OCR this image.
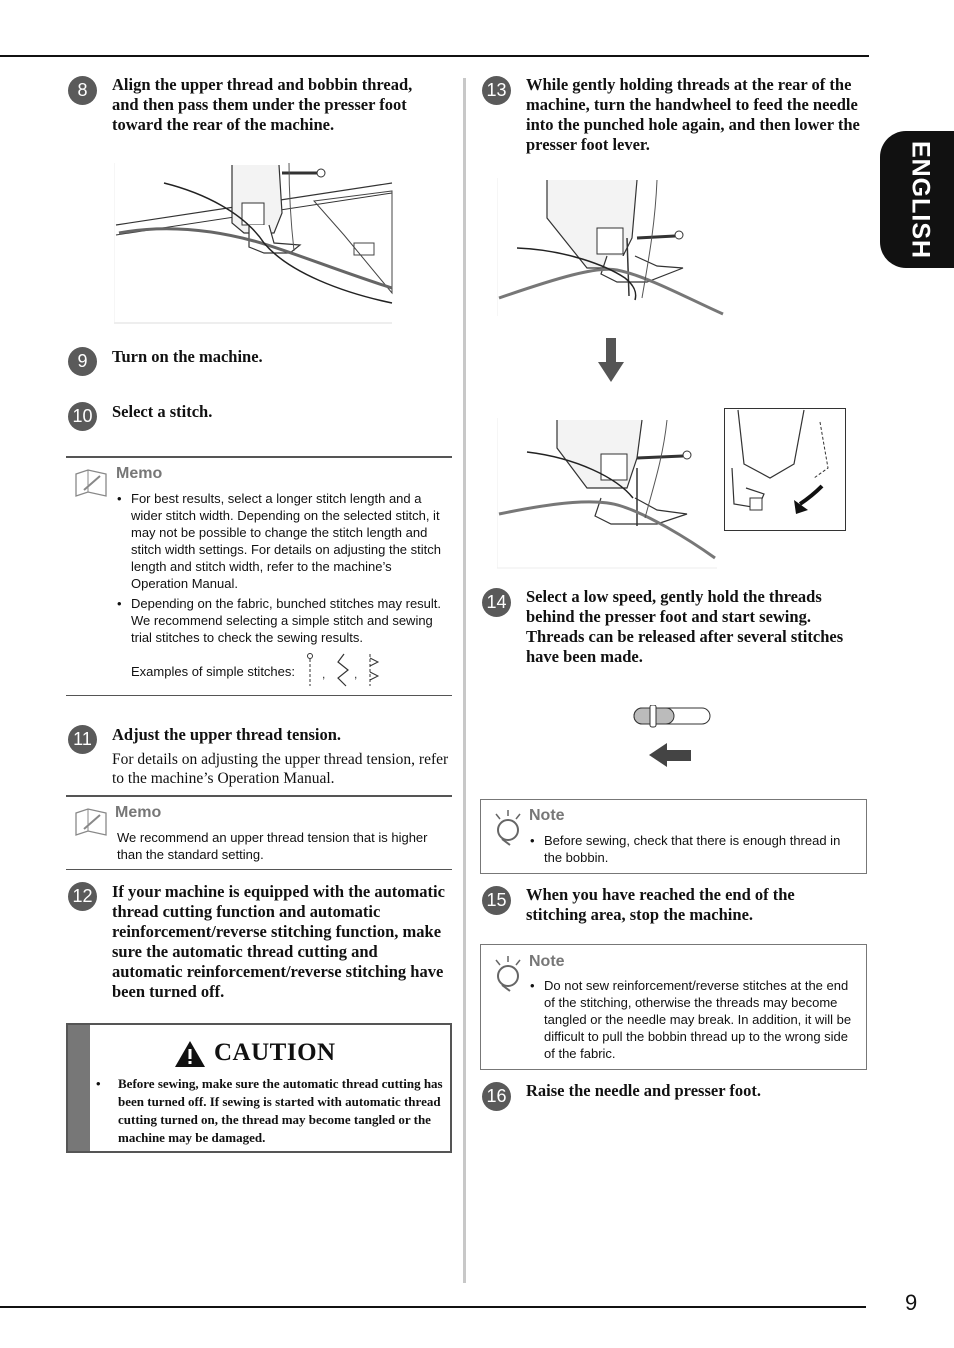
ENGLISH
9
8	Align the upper thread and bobbin thread, and then pass them under the presser foot toward the rear of the machine.
9	Turn on the machine.
10 Select a stitch.
Memo
• For best results, select a longer stitch length and a wider stitch width. Depending on the selected stitch, it may not be possible to change the stitch length and stitch width settings. For details on adjusting the stitch length and stitch width, refer to the machine’s Operation Manual.
• Depending on the fabric, bunched stitches may result. We recommend selecting a simple stitch and sewing trial stitches to check the sewing results.
Examples of simple stitches: , ,
11	Adjust the upper thread tension.
For details on adjusting the upper thread tension, refer to the machine’s Operation Manual.
Memo
We recommend an upper thread tension that is higher than the standard setting.
12 If your machine is equipped with the automatic thread cutting function and automatic reinforcement/reverse stitching function, make sure the automatic thread cutting and automatic reinforcement/reverse stitching have been turned off.
CAUTION
• Before sewing, make sure the automatic thread cutting has been turned off. If sewing is started with automatic thread cutting turned on, the thread may become tangled or the machine may be damaged.
13 While gently holding threads at the rear of the machine, turn the handwheel to feed the needle into the punched hole again, and then lower the presser foot lever.
14 Select a low speed, gently hold the threads behind the presser foot and start sewing. Threads can be released after several stitches have been made.
Note
• Before sewing, check that there is enough thread in the bobbin.
15 When you have reached the end of the stitching area, stop the machine.
Note
• Do not sew reinforcement/reverse stitches at the end of the stitching, otherwise the threads may become tangled or the needle may break. In addition, it will be difficult to pull the bobbin thread up to the wrong side of the fabric.
16 Raise the needle and presser foot.
